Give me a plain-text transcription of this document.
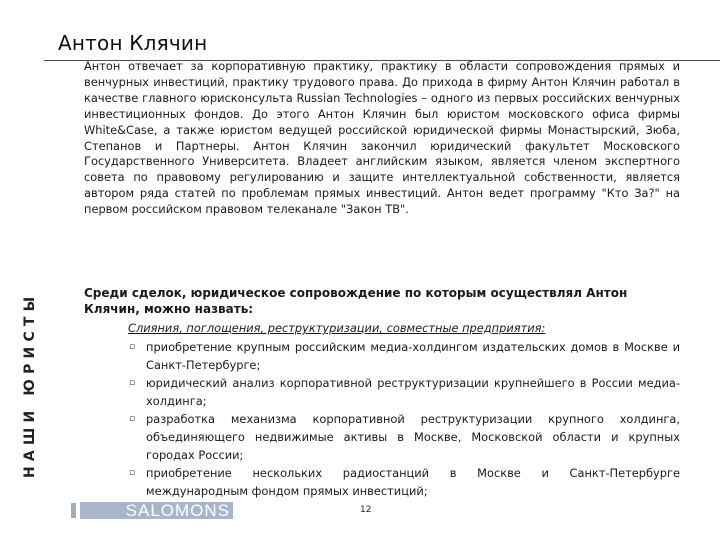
Антон Клячин
НАШИ ЮРИСТЫ

Антон отвечает за корпоративную практику, практику в области сопровождения прямых и венчурных инвестиций, практику трудового права. До прихода в фирму Антон Клячин работал в качестве главного юрисконсульта Russian Technologies – одного из первых российских венчурных инвестиционных фондов. До этого Антон Клячин был юристом московского офиса фирмы White&Case, а также юристом ведущей российской юридической фирмы Монастырский, Зюба, Степанов и Партнеры. Антон Клячин закончил юридический факультет Московского Государственного Университета. Владеет английским языком, является членом экспертного совета по правовому регулированию и защите интеллектуальной собственности, является автором ряда статей по проблемам прямых инвестиций. Антон ведет программу "Кто За?" на первом российском правовом телеканале "Закон ТВ".

Среди сделок, юридическое сопровождение по которым осуществлял Антон Клячин, можно назвать:

Слияния, поглощения, реструктуризации, совместные предприятия:

▫ приобретение крупным российским медиа-холдингом издательских домов в Москве и Санкт-Петербурге;
▫ юридический анализ корпоративной реструктуризации крупнейшего в России медиа-холдинга;
▫ разработка механизма корпоративной реструктуризации крупного холдинга, объединяющего недвижимые активы в Москве, Московской области и крупных городах России;
▫ приобретение нескольких радиостанций в Москве и Санкт-Петербурге международным фондом прямых инвестиций;
SALOMONS	12
